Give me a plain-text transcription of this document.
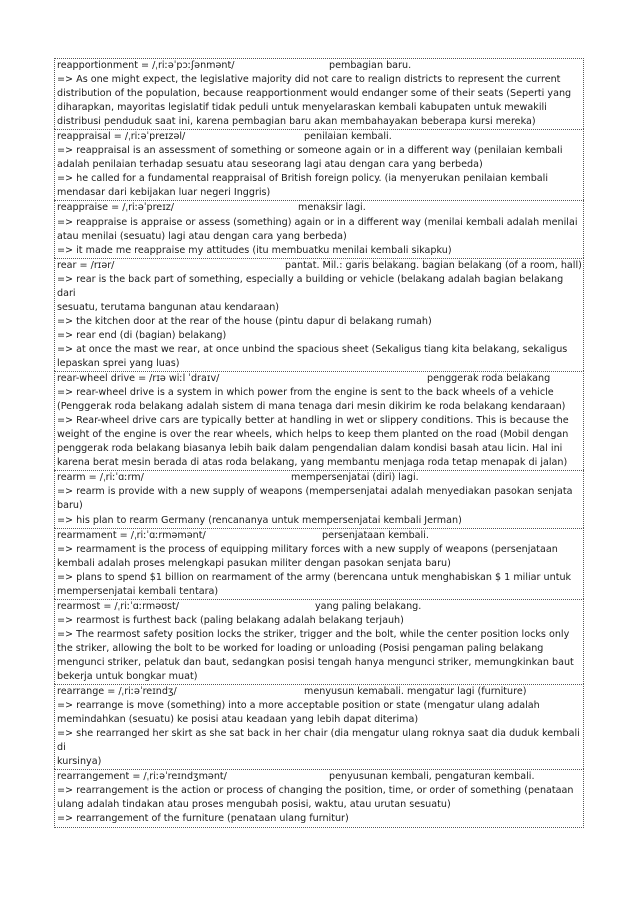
reapportionment = /ˌriːəˈpɔːʃənmənt/	pembagian baru.
=> As one might expect, the legislative majority did not care to realign districts to represent the current
distribution of the population, because reapportionment would endanger some of their seats (Seperti yang
diharapkan, mayoritas legislatif tidak peduli untuk menyelaraskan kembali kabupaten untuk mewakili
distribusi penduduk saat ini, karena pembagian baru akan membahayakan beberapa kursi mereka)
reappraisal = /ˌriːəˈpreɪzəl/	penilaian kembali.
=> reappraisal is an assessment of something or someone again or in a different way (penilaian kembali
adalah penilaian terhadap sesuatu atau seseorang lagi atau dengan cara yang berbeda)
=> he called for a fundamental reappraisal of British foreign policy. (ia menyerukan penilaian kembali
mendasar dari kebijakan luar negeri Inggris)
reappraise = /ˌriːəˈpreɪz/	menaksir lagi.
=> reappraise is appraise or assess (something) again or in a different way (menilai kembali adalah menilai
atau menilai (sesuatu) lagi atau dengan cara yang berbeda)
=> it made me reappraise my attitudes (itu membuatku menilai kembali sikapku)
rear = /rɪər/	pantat. Mil.: garis belakang. bagian belakang (of a room, hall)
=> rear is the back part of something, especially a building or vehicle (belakang adalah bagian belakang dari
sesuatu, terutama bangunan atau kendaraan)
=> the kitchen door at the rear of the house (pintu dapur di belakang rumah)
=> rear end (di (bagian) belakang)
=> at once the mast we rear, at once unbind the spacious sheet (Sekaligus tiang kita belakang, sekaligus
lepaskan sprei yang luas)
rear-wheel drive = /rɪə wiːl ˈdraɪv/	penggerak roda belakang
=> rear-wheel drive is a system in which power from the engine is sent to the back wheels of a vehicle
(Penggerak roda belakang adalah sistem di mana tenaga dari mesin dikirim ke roda belakang kendaraan)
=> Rear-wheel drive cars are typically better at handling in wet or slippery conditions. This is because the
weight of the engine is over the rear wheels, which helps to keep them planted on the road (Mobil dengan
penggerak roda belakang biasanya lebih baik dalam pengendalian dalam kondisi basah atau licin. Hal ini
karena berat mesin berada di atas roda belakang, yang membantu menjaga roda tetap menapak di jalan)
rearm = /ˌriːˈɑːrm/	mempersenjatai (diri) lagi.
=> rearm is provide with a new supply of weapons (mempersenjatai adalah menyediakan pasokan senjata
baru)
=> his plan to rearm Germany (rencananya untuk mempersenjatai kembali Jerman)
rearmament = /ˌriːˈɑːrməmənt/	persenjataan kembali.
=> rearmament is the process of equipping military forces with a new supply of weapons (persenjataan
kembali adalah proses melengkapi pasukan militer dengan pasokan senjata baru)
=> plans to spend $1 billion on rearmament of the army (berencana untuk menghabiskan $ 1 miliar untuk
mempersenjatai kembali tentara)
rearmost = /ˌriːˈɑːrməʊst/	yang paling belakang.
=> rearmost is furthest back (paling belakang adalah belakang terjauh)
=> The rearmost safety position locks the striker, trigger and the bolt, while the center position locks only
the striker, allowing the bolt to be worked for loading or unloading (Posisi pengaman paling belakang
mengunci striker, pelatuk dan baut, sedangkan posisi tengah hanya mengunci striker, memungkinkan baut
bekerja untuk bongkar muat)
rearrange = /ˌriːəˈreɪndʒ/	menyusun kemabali. mengatur lagi (furniture)
=> rearrange is move (something) into a more acceptable position or state (mengatur ulang adalah
memindahkan (sesuatu) ke posisi atau keadaan yang lebih dapat diterima)
=> she rearranged her skirt as she sat back in her chair (dia mengatur ulang roknya saat dia duduk kembali di
kursinya)
rearrangement = /ˌriːəˈreɪndʒmənt/	penyusunan kembali, pengaturan kembali.
=> rearrangement is the action or process of changing the position, time, or order of something (penataan
ulang adalah tindakan atau proses mengubah posisi, waktu, atau urutan sesuatu)
=> rearrangement of the furniture (penataan ulang furnitur)
